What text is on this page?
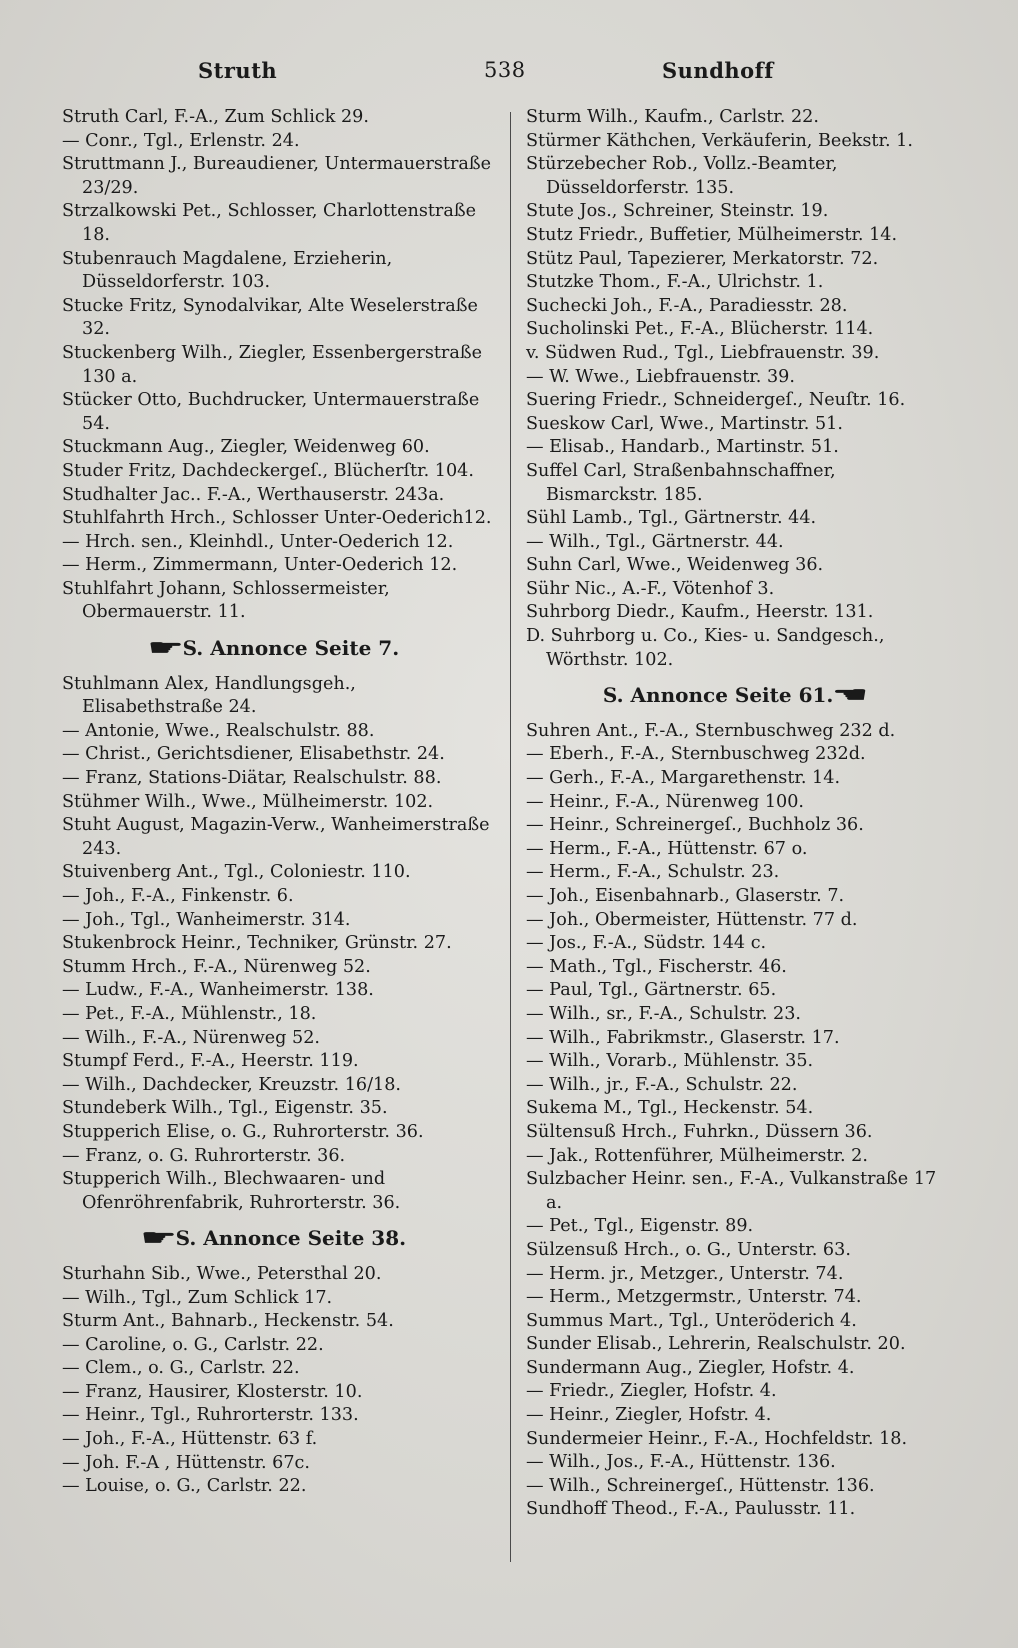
Struth	538	Sundhoff
Struth Carl, F.-A., Zum Schlick 29.
— Conr., Tgl., Erlenstr. 24.
Struttmann J., Bureaudiener, Untermauerstraße 23/29.
Strzalkowski Pet., Schlosser, Charlottenstraße 18.
Stubenrauch Magdalene, Erzieherin, Düsseldorferstr. 103.
Stucke Fritz, Synodalvikar, Alte Weselerstraße 32.
Stuckenberg Wilh., Ziegler, Essenbergerstraße 130 a.
Stücker Otto, Buchdrucker, Untermauerstraße 54.
Stuckmann Aug., Ziegler, Weidenweg 60.
Studer Fritz, Dachdeckergeſ., Blücherſtr. 104.
Studhalter Jac.. F.-A., Werthauserstr. 243a.
Stuhlfahrth Hrch., Schlosser Unter-Oederich12.
— Hrch. sen., Kleinhdl., Unter-Oederich 12.
— Herm., Zimmermann, Unter-Oederich 12.
Stuhlfahrt Johann, Schlossermeister, Obermauerstr. 11.
☛ S. Annonce Seite 7.
Stuhlmann Alex, Handlungsgeh., Elisabethstraße 24.
— Antonie, Wwe., Realschulstr. 88.
— Christ., Gerichtsdiener, Elisabethstr. 24.
— Franz, Stations-Diätar, Realschulstr. 88.
Stühmer Wilh., Wwe., Mülheimerstr. 102.
Stuht August, Magazin-Verw., Wanheimerstraße 243.
Stuivenberg Ant., Tgl., Coloniestr. 110.
— Joh., F.-A., Finkenstr. 6.
— Joh., Tgl., Wanheimerstr. 314.
Stukenbrock Heinr., Techniker, Grünstr. 27.
Stumm Hrch., F.-A., Nürenweg 52.
— Ludw., F.-A., Wanheimerstr. 138.
— Pet., F.-A., Mühlenstr., 18.
— Wilh., F.-A., Nürenweg 52.
Stumpf Ferd., F.-A., Heerstr. 119.
— Wilh., Dachdecker, Kreuzstr. 16/18.
Stundeberk Wilh., Tgl., Eigenstr. 35.
Stupperich Elise, o. G., Ruhrorterstr. 36.
— Franz, o. G. Ruhrorterstr. 36.
Stupperich Wilh., Blechwaaren- und Ofenröhrenfabrik, Ruhrorterstr. 36.
☛ S. Annonce Seite 38.
Sturhahn Sib., Wwe., Petersthal 20.
— Wilh., Tgl., Zum Schlick 17.
Sturm Ant., Bahnarb., Heckenstr. 54.
— Caroline, o. G., Carlstr. 22.
— Clem., o. G., Carlstr. 22.
— Franz, Hausirer, Klosterstr. 10.
— Heinr., Tgl., Ruhrorterstr. 133.
— Joh., F.-A., Hüttenstr. 63 f.
— Joh. F.-A , Hüttenstr. 67c.
— Louise, o. G., Carlstr. 22.
Sturm Wilh., Kaufm., Carlstr. 22.
Stürmer Käthchen, Verkäuferin, Beekstr. 1.
Stürzebecher Rob., Vollz.-Beamter, Düsseldorferstr. 135.
Stute Jos., Schreiner, Steinstr. 19.
Stutz Friedr., Buffetier, Mülheimerstr. 14.
Stütz Paul, Tapezierer, Merkatorstr. 72.
Stutzke Thom., F.-A., Ulrichstr. 1.
Suchecki Joh., F.-A., Paradiesstr. 28.
Sucholinski Pet., F.-A., Blücherstr. 114.
v. Südwen Rud., Tgl., Liebfrauenstr. 39.
— W. Wwe., Liebfrauenstr. 39.
Suering Friedr., Schneidergeſ., Neuſtr. 16.
Sueskow Carl, Wwe., Martinstr. 51.
— Elisab., Handarb., Martinstr. 51.
Suffel Carl, Straßenbahnschaffner, Bismarckstr. 185.
Sühl Lamb., Tgl., Gärtnerstr. 44.
— Wilh., Tgl., Gärtnerstr. 44.
Suhn Carl, Wwe., Weidenweg 36.
Sühr Nic., A.-F., Vötenhof 3.
Suhrborg Diedr., Kaufm., Heerstr. 131.
D. Suhrborg u. Co., Kies- u. Sandgesch., Wörthstr. 102.
S. Annonce Seite 61. ☛
Suhren Ant., F.-A., Sternbuschweg 232 d.
— Eberh., F.-A., Sternbuschweg 232d.
— Gerh., F.-A., Margarethenstr. 14.
— Heinr., F.-A., Nürenweg 100.
— Heinr., Schreinergeſ., Buchholz 36.
— Herm., F.-A., Hüttenstr. 67 o.
— Herm., F.-A., Schulstr. 23.
— Joh., Eisenbahnarb., Glaserstr. 7.
— Joh., Obermeister, Hüttenstr. 77 d.
— Jos., F.-A., Südstr. 144 c.
— Math., Tgl., Fischerstr. 46.
— Paul, Tgl., Gärtnerstr. 65.
— Wilh., sr., F.-A., Schulstr. 23.
— Wilh., Fabrikmstr., Glaserstr. 17.
— Wilh., Vorarb., Mühlenstr. 35.
— Wilh., jr., F.-A., Schulstr. 22.
Sukema M., Tgl., Heckenstr. 54.
Sültensuß Hrch., Fuhrkn., Düssern 36.
— Jak., Rottenführer, Mülheimerstr. 2.
Sulzbacher Heinr. sen., F.-A., Vulkanstraße 17 a.
— Pet., Tgl., Eigenstr. 89.
Sülzensuß Hrch., o. G., Unterstr. 63.
— Herm. jr., Metzger., Unterstr. 74.
— Herm., Metzgermstr., Unterstr. 74.
Summus Mart., Tgl., Unteröderich 4.
Sunder Elisab., Lehrerin, Realschulstr. 20.
Sundermann Aug., Ziegler, Hofstr. 4.
— Friedr., Ziegler, Hofstr. 4.
— Heinr., Ziegler, Hofstr. 4.
Sundermeier Heinr., F.-A., Hochfeldstr. 18.
— Wilh., Jos., F.-A., Hüttenstr. 136.
— Wilh., Schreinergeſ., Hüttenstr. 136.
Sundhoff Theod., F.-A., Paulusstr. 11.
